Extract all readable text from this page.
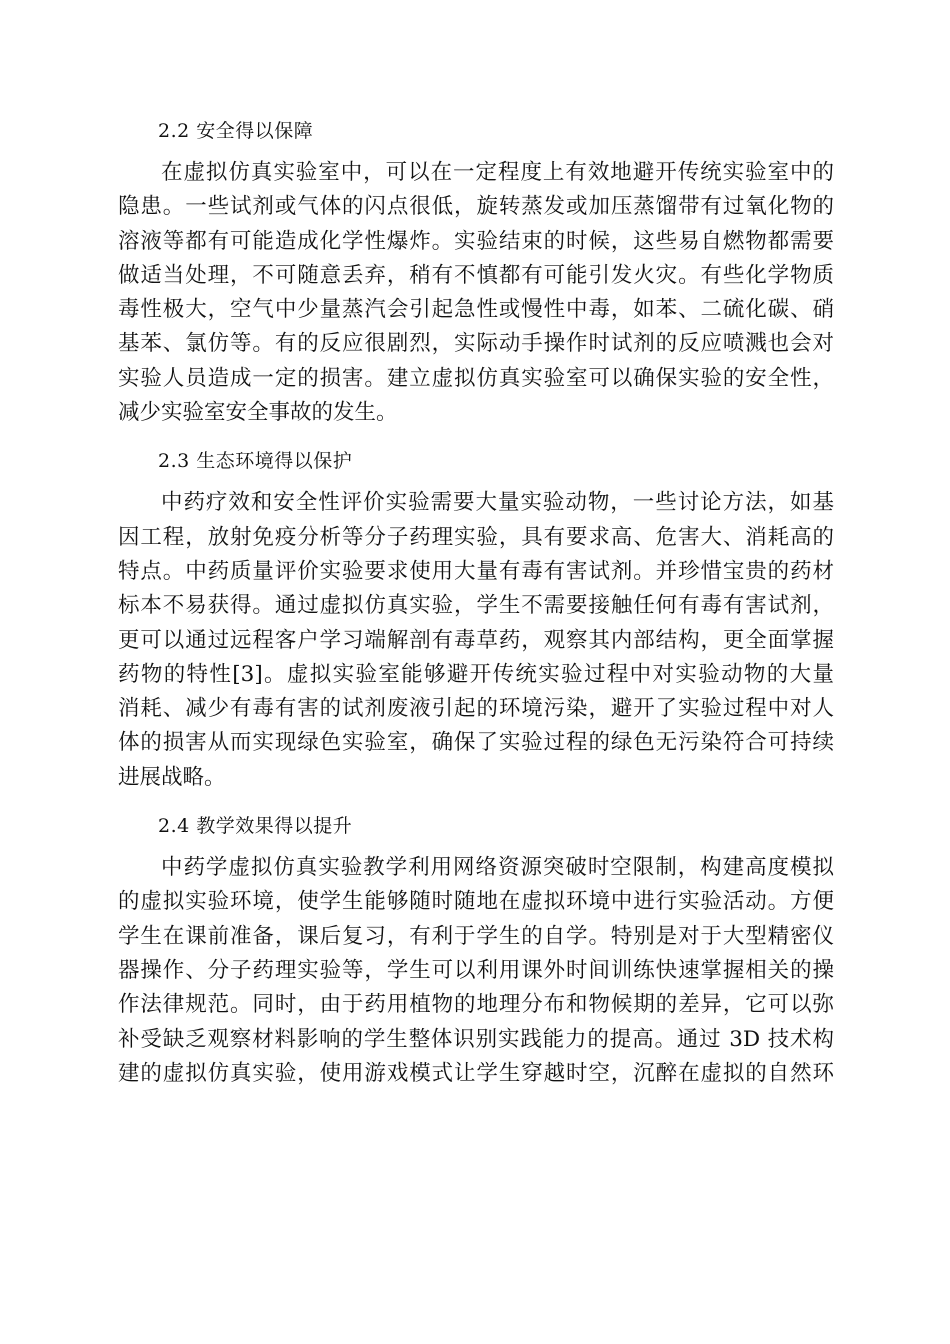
2.2 安全得以保障
在虚拟仿真实验室中，可以在一定程度上有效地避开传统实验室中的
隐患。一些试剂或气体的闪点很低，旋转蒸发或加压蒸馏带有过氧化物的
溶液等都有可能造成化学性爆炸。实验结束的时候，这些易自燃物都需要
做适当处理，不可随意丢弃，稍有不慎都有可能引发火灾。有些化学物质
毒性极大，空气中少量蒸汽会引起急性或慢性中毒，如苯、二硫化碳、硝
基苯、氯仿等。有的反应很剧烈，实际动手操作时试剂的反应喷溅也会对
实验人员造成一定的损害。建立虚拟仿真实验室可以确保实验的安全性，
减少实验室安全事故的发生。
2.3 生态环境得以保护
中药疗效和安全性评价实验需要大量实验动物，一些讨论方法，如基
因工程，放射免疫分析等分子药理实验，具有要求高、危害大、消耗高的
特点。中药质量评价实验要求使用大量有毒有害试剂。并珍惜宝贵的药材
标本不易获得。通过虚拟仿真实验，学生不需要接触任何有毒有害试剂，
更可以通过远程客户学习端解剖有毒草药，观察其内部结构，更全面掌握
药物的特性[3]。虚拟实验室能够避开传统实验过程中对实验动物的大量
消耗、减少有毒有害的试剂废液引起的环境污染，避开了实验过程中对人
体的损害从而实现绿色实验室，确保了实验过程的绿色无污染符合可持续
进展战略。
2.4 教学效果得以提升
中药学虚拟仿真实验教学利用网络资源突破时空限制，构建高度模拟
的虚拟实验环境，使学生能够随时随地在虚拟环境中进行实验活动。方便
学生在课前准备，课后复习，有利于学生的自学。特别是对于大型精密仪
器操作、分子药理实验等，学生可以利用课外时间训练快速掌握相关的操
作法律规范。同时，由于药用植物的地理分布和物候期的差异，它可以弥
补受缺乏观察材料影响的学生整体识别实践能力的提高。通过 3D 技术构
建的虚拟仿真实验，使用游戏模式让学生穿越时空，沉醉在虚拟的自然环
